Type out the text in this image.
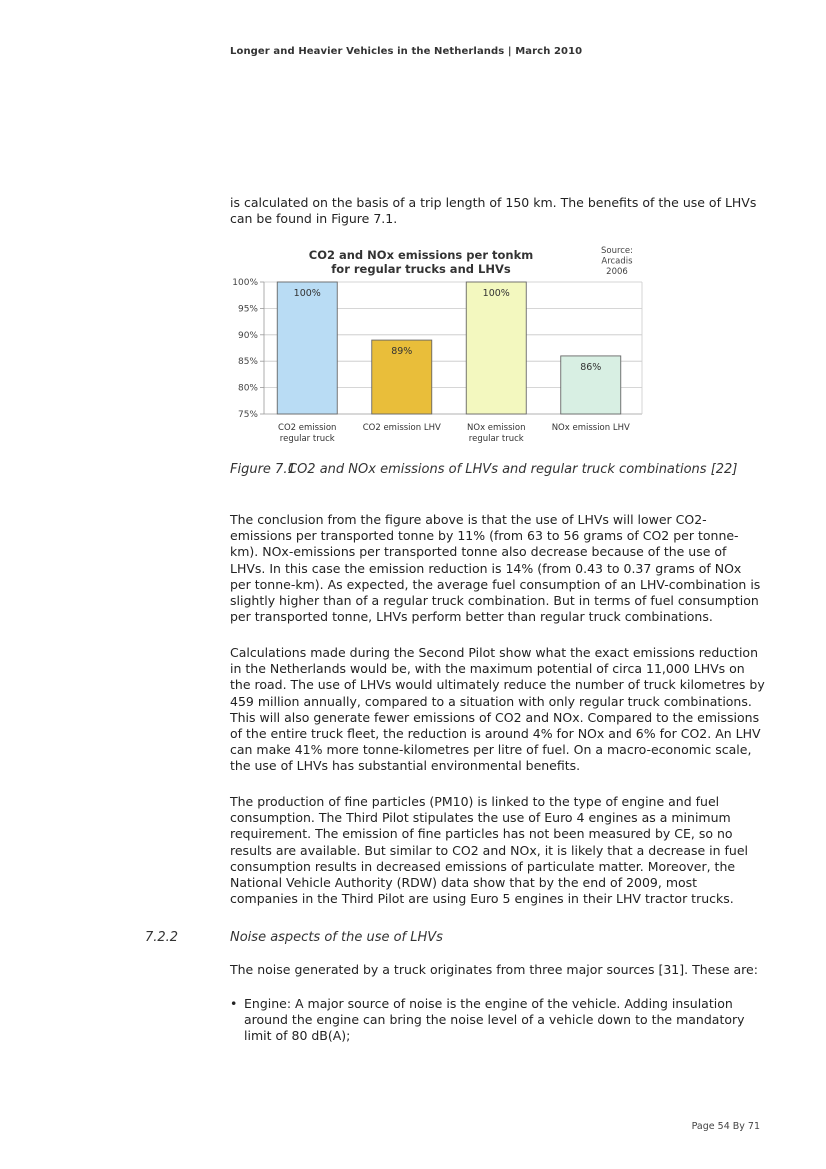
Longer and Heavier Vehicles in the Netherlands | March 2010
is calculated on the basis of a trip length of 150 km. The benefits of the use of LHVs can be found in Figure 7.1.
CO2 and NOx emissions per tonkm
for regular trucks and LHVs
Source:
Arcadis
2006
100%
95%
90%
85%
80%
75%
100%
CO2 emission
regular truck
89%
CO2 emission LHV
100%
NOx emission
regular truck
86%
NOx emission LHV
Figure 7.1
CO2 and NOx emissions of LHVs and regular truck combinations [22]
The conclusion from the figure above is that the use of LHVs will lower CO2-emissions per transported tonne by 11% (from 63 to 56 grams of CO2 per tonne-km). NOx-emissions per transported tonne also decrease because of the use of LHVs. In this case the emission reduction is 14% (from 0.43 to 0.37 grams of NOx per tonne-km). As expected, the average fuel consumption of an LHV-combination is slightly higher than of a regular truck combination. But in terms of fuel consumption per transported tonne, LHVs perform better than regular truck combinations.
Calculations made during the Second Pilot show what the exact emissions reduction in the Netherlands would be, with the maximum potential of circa 11,000 LHVs on the road. The use of LHVs would ultimately reduce the number of truck kilometres by 459 million annually, compared to a situation with only regular truck combinations. This will also generate fewer emissions of CO2 and NOx. Compared to the emissions of the entire truck fleet, the reduction is around 4% for NOx and 6% for CO2. An LHV can make 41% more tonne-kilometres per litre of fuel. On a macro-economic scale, the use of LHVs has substantial environmental benefits.
The production of fine particles (PM10) is linked to the type of engine and fuel consumption. The Third Pilot stipulates the use of Euro 4 engines as a minimum requirement. The emission of fine particles has not been measured by CE, so no results are available. But similar to CO2 and NOx, it is likely that a decrease in fuel consumption results in decreased emissions of particulate matter. Moreover, the National Vehicle Authority (RDW) data show that by the end of 2009, most companies in the Third Pilot are using Euro 5 engines in their LHV tractor trucks.
7.2.2	Noise aspects of the use of LHVs
The noise generated by a truck originates from three major sources [31]. These are:
• Engine: A major source of noise is the engine of the vehicle. Adding insulation around the engine can bring the noise level of a vehicle down to the mandatory limit of 80 dB(A);
Page 54 By 71
